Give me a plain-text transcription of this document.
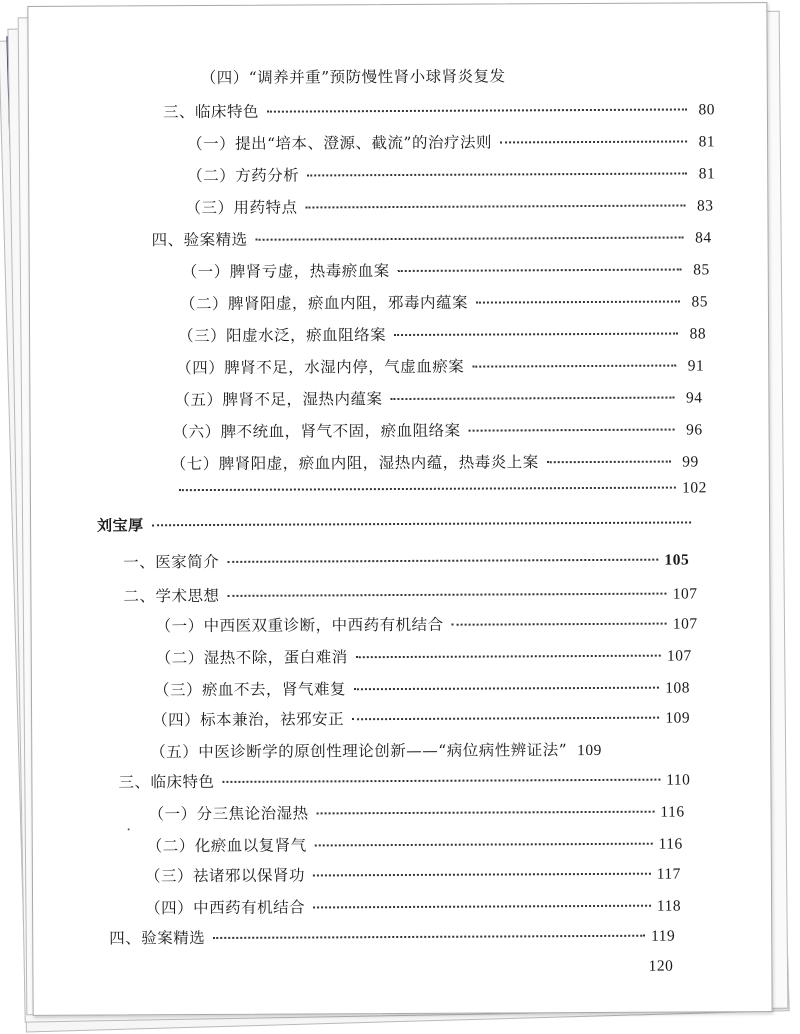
（四）“调养并重”预防慢性肾小球肾炎复发
三、临床特色	80
（一）提出“培本、澄源、截流”的治疗法则	81
（二）方药分析	81
（三）用药特点	83
四、验案精选	84
（一）脾肾亏虚，热毒瘀血案	85
（二）脾肾阳虚，瘀血内阻，邪毒内蕴案	85
（三）阳虚水泛，瘀血阻络案	88
（四）脾肾不足，水湿内停，气虚血瘀案	91
（五）脾肾不足，湿热内蕴案	94
（六）脾不统血，肾气不固，瘀血阻络案	96
（七）脾肾阳虚，瘀血内阻，湿热内蕴，热毒炎上案	99
102
刘宝厚
一、医家简介	105
二、学术思想	107
（一）中西医双重诊断，中西药有机结合	107
（二）湿热不除，蛋白难消	107
（三）瘀血不去，肾气难复	108
（四）标本兼治，祛邪安正	109
（五）中医诊断学的原创性理论创新——“病位病性辨证法” 109
三、临床特色	110
（一）分三焦论治湿热	116
（二）化瘀血以复肾气	116
（三）祛诸邪以保肾功	117
（四）中西药有机结合	118
四、验案精选	119
120
